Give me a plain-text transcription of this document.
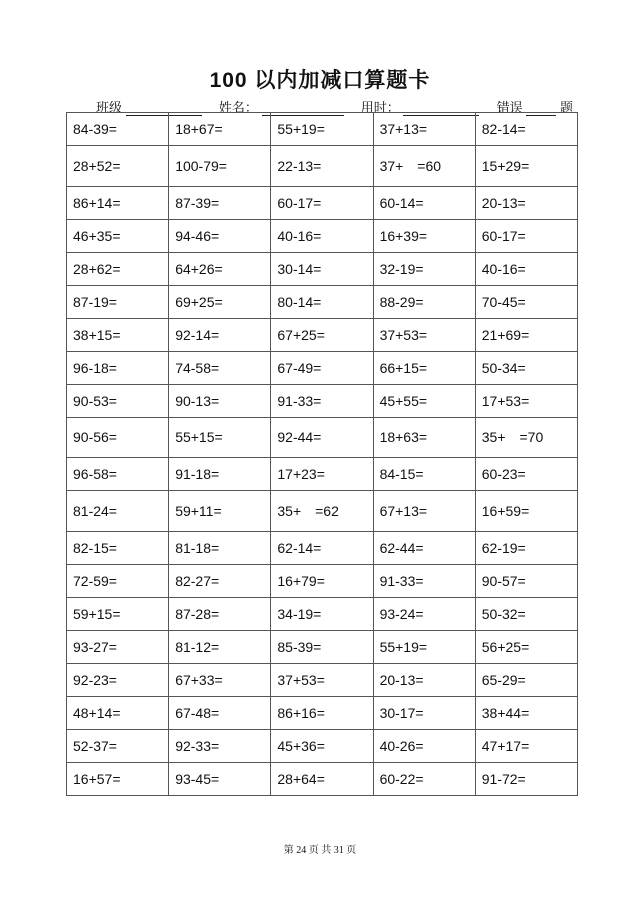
100 以内加减口算题卡
班级	姓名：	用时：	错误	题
84-39=	18+67=	55+19=	37+13=	82-14=
28+52=	100-79=	22-13=	37+　=60	15+29=
86+14=	87-39=	60-17=	60-14=	20-13=
46+35=	94-46=	40-16=	16+39=	60-17=
28+62=	64+26=	30-14=	32-19=	40-16=
87-19=	69+25=	80-14=	88-29=	70-45=
38+15=	92-14=	67+25=	37+53=	21+69=
96-18=	74-58=	67-49=	66+15=	50-34=
90-53=	90-13=	91-33=	45+55=	17+53=
90-56=	55+15=	92-44=	18+63=	35+　=70
96-58=	91-18=	17+23=	84-15=	60-23=
81-24=	59+11=	35+　=62	67+13=	16+59=
82-15=	81-18=	62-14=	62-44=	62-19=
72-59=	82-27=	16+79=	91-33=	90-57=
59+15=	87-28=	34-19=	93-24=	50-32=
93-27=	81-12=	85-39=	55+19=	56+25=
92-23=	67+33=	37+53=	20-13=	65-29=
48+14=	67-48=	86+16=	30-17=	38+44=
52-37=	92-33=	45+36=	40-26=	47+17=
16+57=	93-45=	28+64=	60-22=	91-72=
第 24 页 共 31 页
